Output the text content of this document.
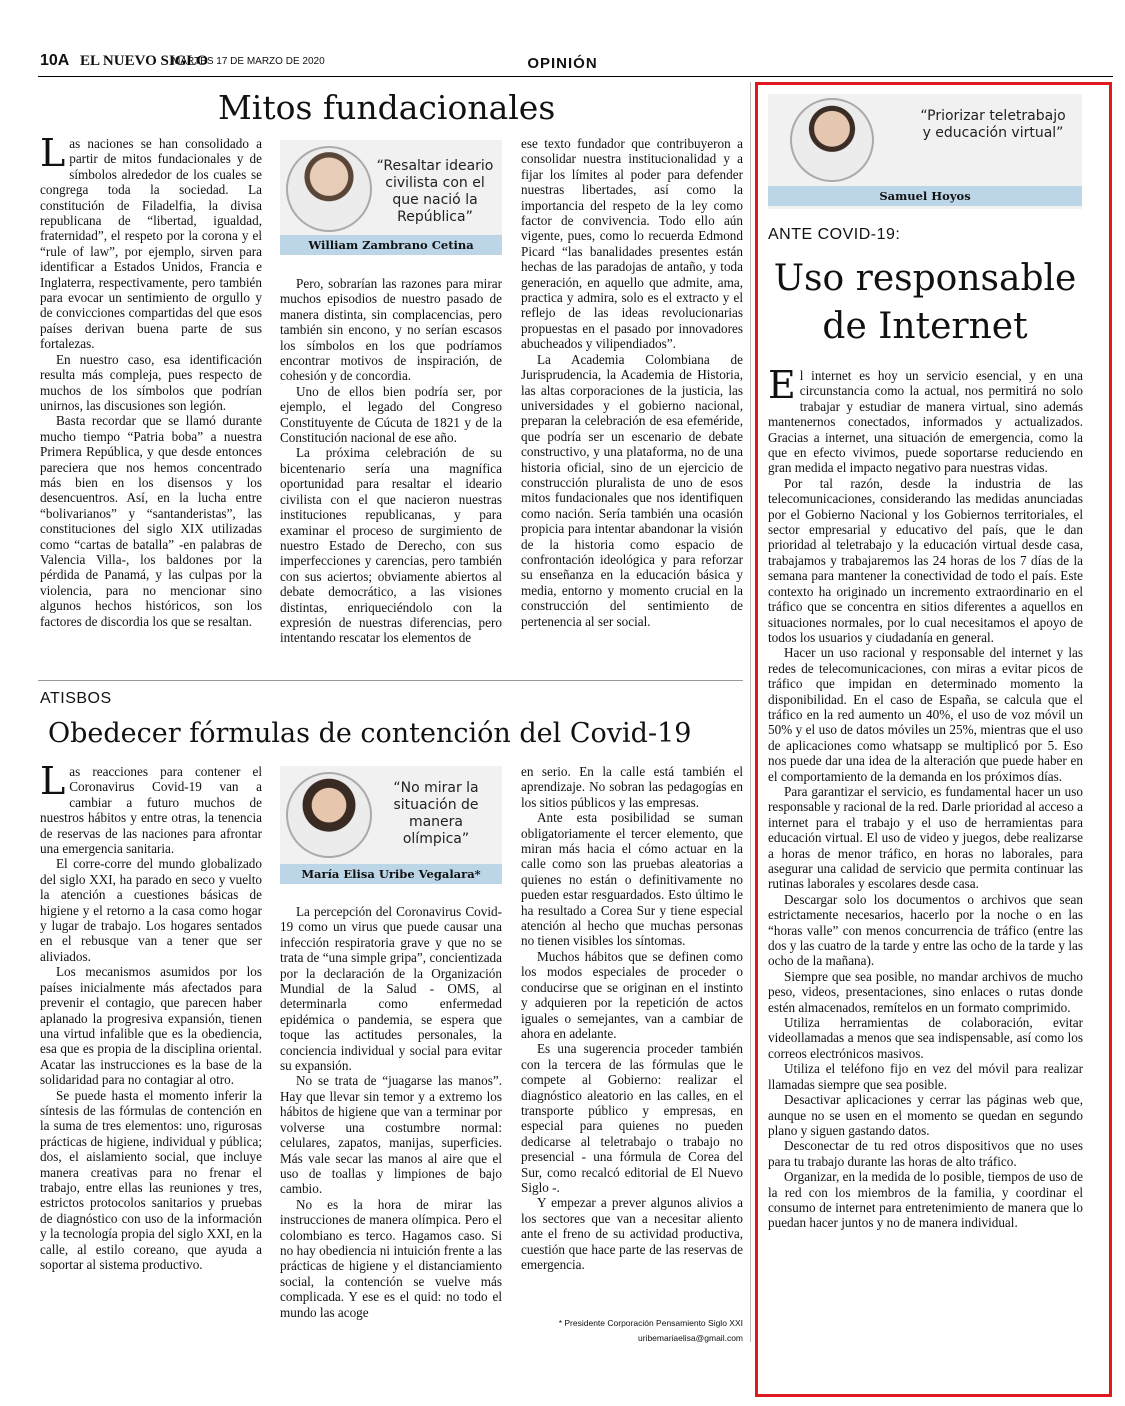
10A EL NUEVO SIGLO
MARTES 17 DE MARZO DE 2020	OPINIÓN
Mitos fundacionales

Las naciones se han consolidado a partir de mitos fundacionales y de símbolos alrededor de los cuales se congrega toda la sociedad. La constitución de Filadelfia, la divisa republicana de “libertad, igualdad, fraternidad”, el respeto por la corona y el “rule of law”, por ejemplo, sirven para identificar a Estados Unidos, Francia e Inglaterra, respectivamente, pero también para evocar un sentimiento de orgullo y de convicciones compartidas del que esos países derivan buena parte de sus fortalezas.

En nuestro caso, esa identificación resulta más compleja, pues respecto de muchos de los símbolos que podrían unirnos, las discusiones son legión.

Basta recordar que se llamó durante mucho tiempo “Patria boba” a nuestra Primera República, y que desde entonces pareciera que nos hemos concentrado más bien en los disensos y los desencuentros. Así, en la lucha entre “bolivarianos” y “santanderistas”, las constituciones del siglo XIX utilizadas como “cartas de batalla” -en palabras de Valencia Villa-, los baldones por la pérdida de Panamá, y las culpas por la violencia, para no mencionar sino algunos hechos históricos, son los factores de discordia los que se resaltan.

“Resaltar ideario civilista con el que nació la República”
William Zambrano Cetina

Pero, sobrarían las razones para mirar muchos episodios de nuestro pasado de manera distinta, sin complacencias, pero también sin encono, y no serían escasos los símbolos en los que podríamos encontrar motivos de inspiración, de cohesión y de concordia.

Uno de ellos bien podría ser, por ejemplo, el legado del Congreso Constituyente de Cúcuta de 1821 y de la Constitución nacional de ese año.

La próxima celebración de su bicentenario sería una magnífica oportunidad para resaltar el ideario civilista con el que nacieron nuestras instituciones republicanas, y para examinar el proceso de surgimiento de nuestro Estado de Derecho, con sus imperfecciones y carencias, pero también con sus aciertos; obviamente abiertos al debate democrático, a las visiones distintas, enriqueciéndolo con la expresión de nuestras diferencias, pero intentando rescatar los elementos de

ese texto fundador que contribuyeron a consolidar nuestra institucionalidad y a fijar los límites al poder para defender nuestras libertades, así como la importancia del respeto de la ley como factor de convivencia. Todo ello aún vigente, pues, como lo recuerda Edmond Picard “las banalidades presentes están hechas de las paradojas de antaño, y toda generación, en aquello que admite, ama, practica y admira, solo es el extracto y el reflejo de las ideas revolucionarias propuestas en el pasado por innovadores abucheados y vilipendiados”.

La Academia Colombiana de Jurisprudencia, la Academia de Historia, las altas corporaciones de la justicia, las universidades y el gobierno nacional, preparan la celebración de esa efeméride, que podría ser un escenario de debate constructivo, y una plataforma, no de una historia oficial, sino de un ejercicio de construcción pluralista de uno de esos mitos fundacionales que nos identifiquen como nación. Sería también una ocasión propicia para intentar abandonar la visión de la historia como espacio de confrontación ideológica y para reforzar su enseñanza en la educación básica y media, entorno y momento crucial en la construcción del sentimiento de pertenencia al ser social.

ATISBOS
Obedecer fórmulas de contención del Covid-19

Las reacciones para contener el Coronavirus Covid-19 van a cambiar a futuro muchos de nuestros hábitos y entre otras, la tenencia de reservas de las naciones para afrontar una emergencia sanitaria.

El corre-corre del mundo globalizado del siglo XXI, ha parado en seco y vuelto la atención a cuestiones básicas de higiene y el retorno a la casa como hogar y lugar de trabajo. Los hogares sentados en el rebusque van a tener que ser aliviados.

Los mecanismos asumidos por los países inicialmente más afectados para prevenir el contagio, que parecen haber aplanado la progresiva expansión, tienen una virtud infalible que es la obediencia, esa que es propia de la disciplina oriental. Acatar las instrucciones es la base de la solidaridad para no contagiar al otro.

Se puede hasta el momento inferir la síntesis de las fórmulas de contención en la suma de tres elementos: uno, rigurosas prácticas de higiene, individual y pública; dos, el aislamiento social, que incluye manera creativas para no frenar el trabajo, entre ellas las reuniones y tres, estrictos protocolos sanitarios y pruebas de diagnóstico con uso de la información y la tecnología propia del siglo XXI, en la calle, al estilo coreano, que ayuda a soportar al sistema productivo.

“No mirar la situación de manera olímpica”
María Elisa Uribe Vegalara*

La percepción del Coronavirus Covid-19 como un virus que puede causar una infección respiratoria grave y que no se trata de “una simple gripa”, concientizada por la declaración de la Organización Mundial de la Salud - OMS, al determinarla como enfermedad epidémica o pandemia, se espera que toque las actitudes personales, la conciencia individual y social para evitar su expansión.

No se trata de “juagarse las manos”. Hay que llevar sin temor y a extremo los hábitos de higiene que van a terminar por volverse una costumbre normal: celulares, zapatos, manijas, superficies. Más vale secar las manos al aire que el uso de toallas y limpiones de bajo cambio.

No es la hora de mirar las instrucciones de manera olímpica. Pero el colombiano es terco. Hagamos caso. Si no hay obediencia ni intuición frente a las prácticas de higiene y el distanciamiento social, la contención se vuelve más complicada. Y ese es el quid: no todo el mundo las acoge

en serio. En la calle está también el aprendizaje. No sobran las pedagogías en los sitios públicos y las empresas.

Ante esta posibilidad se suman obligatoriamente el tercer elemento, que miran más hacia el cómo actuar en la calle como son las pruebas aleatorias a quienes no están o definitivamente no pueden estar resguardados. Esto último le ha resultado a Corea Sur y tiene especial atención al hecho que muchas personas no tienen visibles los síntomas.

Muchos hábitos que se definen como los modos especiales de proceder o conducirse que se originan en el instinto y adquieren por la repetición de actos iguales o semejantes, van a cambiar de ahora en adelante.

Es una sugerencia proceder también con la tercera de las fórmulas que le compete al Gobierno: realizar el diagnóstico aleatorio en las calles, en el transporte público y empresas, en especial para quienes no pueden dedicarse al teletrabajo o trabajo no presencial - una fórmula de Corea del Sur, como recalcó editorial de El Nuevo Siglo -.

Y empezar a prever algunos alivios a los sectores que van a necesitar aliento ante el freno de su actividad productiva, cuestión que hace parte de las reservas de emergencia.

* Presidente Corporación Pensamiento Siglo XXI
uribemariaelisa@gmail.com
“Priorizar teletrabajo y educación virtual”
Samuel Hoyos
ANTE COVID-19:
Uso responsable
de Internet

El internet es hoy un servicio esencial, y en una circunstancia como la actual, nos permitirá no solo trabajar y estudiar de manera virtual, sino además mantenernos conectados, informados y actualizados. Gracias a internet, una situación de emergencia, como la que en efecto vivimos, puede soportarse reduciendo en gran medida el impacto negativo para nuestras vidas.

Por tal razón, desde la industria de las telecomunicaciones, considerando las medidas anunciadas por el Gobierno Nacional y los Gobiernos territoriales, el sector empresarial y educativo del país, que le dan prioridad al teletrabajo y la educación virtual desde casa, trabajamos y trabajaremos las 24 horas de los 7 días de la semana para mantener la conectividad de todo el país. Este contexto ha originado un incremento extraordinario en el tráfico que se concentra en sitios diferentes a aquellos en situaciones normales, por lo cual necesitamos el apoyo de todos los usuarios y ciudadanía en general.

Hacer un uso racional y responsable del internet y las redes de telecomunicaciones, con miras a evitar picos de tráfico que impidan en determinado momento la disponibilidad. En el caso de España, se calcula que el tráfico en la red aumento un 40%, el uso de voz móvil un 50% y el uso de datos móviles un 25%, mientras que el uso de aplicaciones como whatsapp se multiplicó por 5. Eso nos puede dar una idea de la alteración que puede haber en el comportamiento de la demanda en los próximos días.

Para garantizar el servicio, es fundamental hacer un uso responsable y racional de la red. Darle prioridad al acceso a internet para el trabajo y el uso de herramientas para educación virtual. El uso de video y juegos, debe realizarse a horas de menor tráfico, en horas no laborales, para asegurar una calidad de servicio que permita continuar las rutinas laborales y escolares desde casa.

Descargar solo los documentos o archivos que sean estrictamente necesarios, hacerlo por la noche o en las “horas valle” con menos concurrencia de tráfico (entre las dos y las cuatro de la tarde y entre las ocho de la tarde y las ocho de la mañana).

Siempre que sea posible, no mandar archivos de mucho peso, videos, presentaciones, sino enlaces o rutas donde estén almacenados, remítelos en un formato comprimido.

Utiliza herramientas de colaboración, evitar videollamadas a menos que sea indispensable, así como los correos electrónicos masivos.

Utiliza el teléfono fijo en vez del móvil para realizar llamadas siempre que sea posible.

Desactivar aplicaciones y cerrar las páginas web que, aunque no se usen en el momento se quedan en segundo plano y siguen gastando datos.

Desconectar de tu red otros dispositivos que no uses para tu trabajo durante las horas de alto tráfico.

Organizar, en la medida de lo posible, tiempos de uso de la red con los miembros de la familia, y coordinar el consumo de internet para entretenimiento de manera que lo puedan hacer juntos y no de manera individual.
